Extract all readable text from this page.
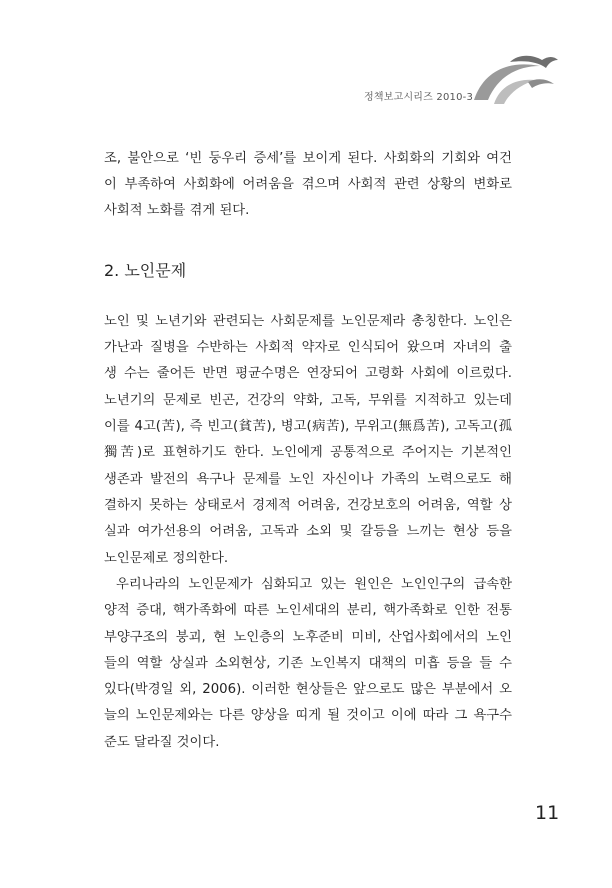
정책보고시리즈 2010-3

조, 불안으로 ‘빈 둥우리 증세’를 보이게 된다. 사회화의 기회와 여건

이 부족하여 사회화에 어려움을 겪으며 사회적 관련 상황의 변화로

사회적 노화를 겪게 된다.

2. 노인문제

노인 및 노년기와 관련되는 사회문제를 노인문제라 총칭한다. 노인은

가난과 질병을 수반하는 사회적 약자로 인식되어 왔으며 자녀의 출

생 수는 줄어든 반면 평균수명은 연장되어 고령화 사회에 이르렀다.

노년기의 문제로 빈곤, 건강의 약화, 고독, 무위를 지적하고 있는데

이를 4고(苦), 즉 빈고(貧苦), 병고(病苦), 무위고(無爲苦), 고독고(孤

獨苦)로 표현하기도 한다. 노인에게 공통적으로 주어지는 기본적인

생존과 발전의 욕구나 문제를 노인 자신이나 가족의 노력으로도 해

결하지 못하는 상태로서 경제적 어려움, 건강보호의 어려움, 역할 상

실과 여가선용의 어려움, 고독과 소외 및 갈등을 느끼는 현상 등을

노인문제로 정의한다.

우리나라의 노인문제가 심화되고 있는 원인은 노인인구의 급속한

양적 증대, 핵가족화에 따른 노인세대의 분리, 핵가족화로 인한 전통

부양구조의 붕괴, 현 노인층의 노후준비 미비, 산업사회에서의 노인

들의 역할 상실과 소외현상, 기존 노인복지 대책의 미흡 등을 들 수

있다(박경일 외, 2006). 이러한 현상들은 앞으로도 많은 부분에서 오

늘의 노인문제와는 다른 양상을 띠게 될 것이고 이에 따라 그 욕구수

준도 달라질 것이다.

11
